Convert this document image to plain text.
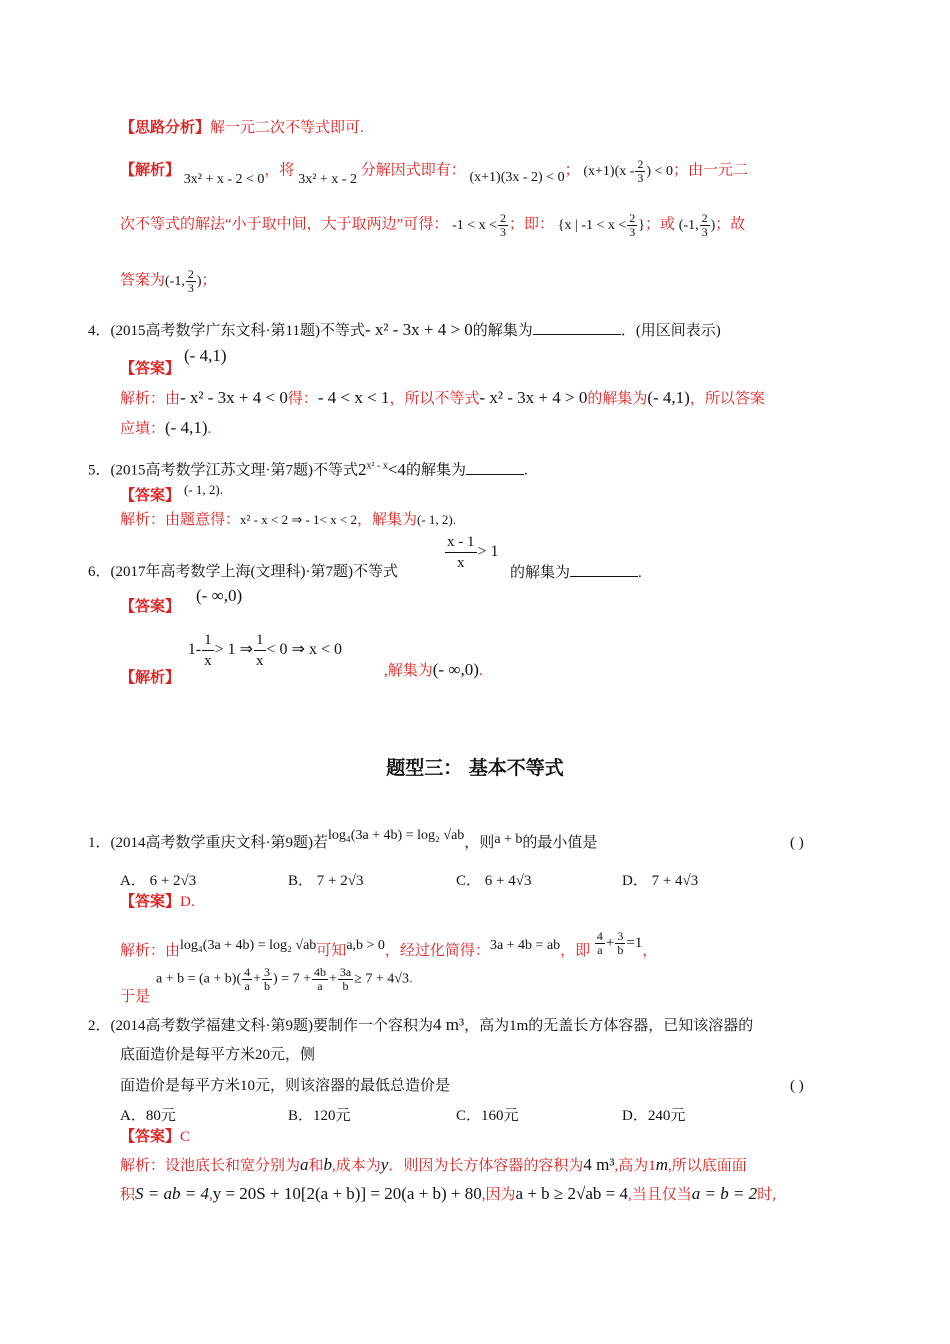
【思路分析】解一元二次不等式即可.
【解析】 3x² + x - 2 < 0，将 3x² + x - 2 分解因式即有： (x+1)(3x - 2) < 0； $(x+1)(x - \frac{2}{3}$ ) < 0；由一元二
次不等式的解法“小于取中间，大于取两边”可得： $-1 < x < \frac{2}{3}$ ；即： {x | $-1 < x < \frac{2}{3}$ }；或 (-1, $\frac{2}{3}$ )；故
答案为(-1, $\frac{2}{3}$ )；
4．(2015高考数学广东文科·第11题)不等式- x² - 3x + 4 > 0的解集为	．(用区间表示)
【答案】(- 4,1)
解析：由- x² - 3x + 4 < 0得：- 4 < x < 1，所以不等式- x² - 3x + 4 > 0的解集为(- 4,1)，所以答案
应填：(- 4,1).
5．(2015高考数学江苏文理·第7题)不等式$2^{x^2 - x}<4$的解集为	.
【答案】 (- 1, 2).
解析：由题意得：x² - x < 2 ⇒ - 1< x < 2，解集为(- 1, 2).
6．(2017年高考数学上海(文理科)·第7题)不等式	$\frac{x - 1}{x} > 1$
的解集为	.
【答案】(- ∞,0)
【解析】 $1- \frac{1}{x} > 1$ ⇒ $\frac{1}{x} < 0$ ⇒ x < 0
,解集为(- ∞,0).
题型三： 基本不等式
1．(2014高考数学重庆文科·第9题)若log₄(3a + 4b) = log₂ √ab，则a + b的最小值是	( )
A． 6 + 2√3	B． 7 + 2√3	C． 6 + 4√3	D． 7 + 4√3
【答案】D.
解析：由log₄(3a + 4b) = log₂ √ab可知a,b > 0，经过化简得：3a + 4b = ab，即 $\frac{4}{a} + \frac{3}{b} =1$，
于是
$a + b = (a + b)( \frac{4}{a} + \frac{3}{b}$ ) = $7 + \frac{4b}{a} + \frac{3a}{b} \ge 7 + 4√3$.
2．(2014高考数学福建文科·第9题)要制作一个容积为4 m³，高为1m的无盖长方体容器，已知该溶器的
底面造价是每平方米20元，侧
面造价是每平方米10元，则该溶器的最低总造价是	( )
A．80元	B．120元	C．160元	D．240元
【答案】C
解析：设池底长和宽分别为a和b,成本为y．则因为长方体容器的容积为4 m³,高为1m,所以底面面
积S = ab = 4,y = 20S + 10[2(a + b)] = 20(a + b) + 80,因为a + b ≥ 2√ab = 4,当且仅当a = b = 2时,
